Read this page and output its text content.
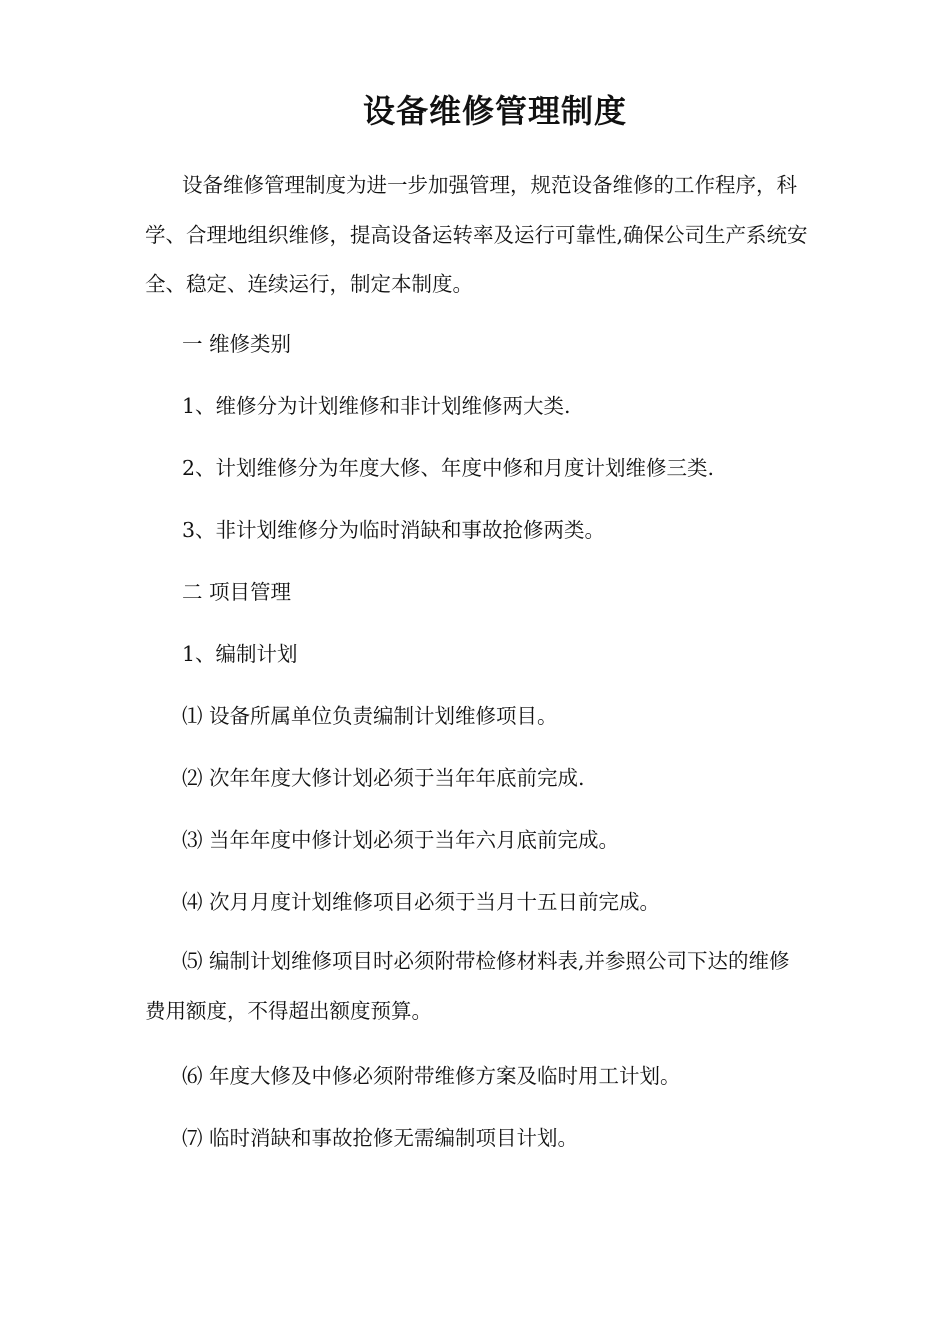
设备维修管理制度

设备维修管理制度为进一步加强管理，规范设备维修的工作程序，科学、合理地组织维修，提高设备运转率及运行可靠性,确保公司生产系统安全、稳定、连续运行，制定本制度。

一 维修类别

1、维修分为计划维修和非计划维修两大类.

2、计划维修分为年度大修、年度中修和月度计划维修三类.

3、非计划维修分为临时消缺和事故抢修两类。

二 项目管理

1、编制计划

⑴ 设备所属单位负责编制计划维修项目。

⑵ 次年年度大修计划必须于当年年底前完成.

⑶ 当年年度中修计划必须于当年六月底前完成。

⑷ 次月月度计划维修项目必须于当月十五日前完成。

⑸ 编制计划维修项目时必须附带检修材料表,并参照公司下达的维修费用额度，不得超出额度预算。

⑹ 年度大修及中修必须附带维修方案及临时用工计划。

⑺ 临时消缺和事故抢修无需编制项目计划。
